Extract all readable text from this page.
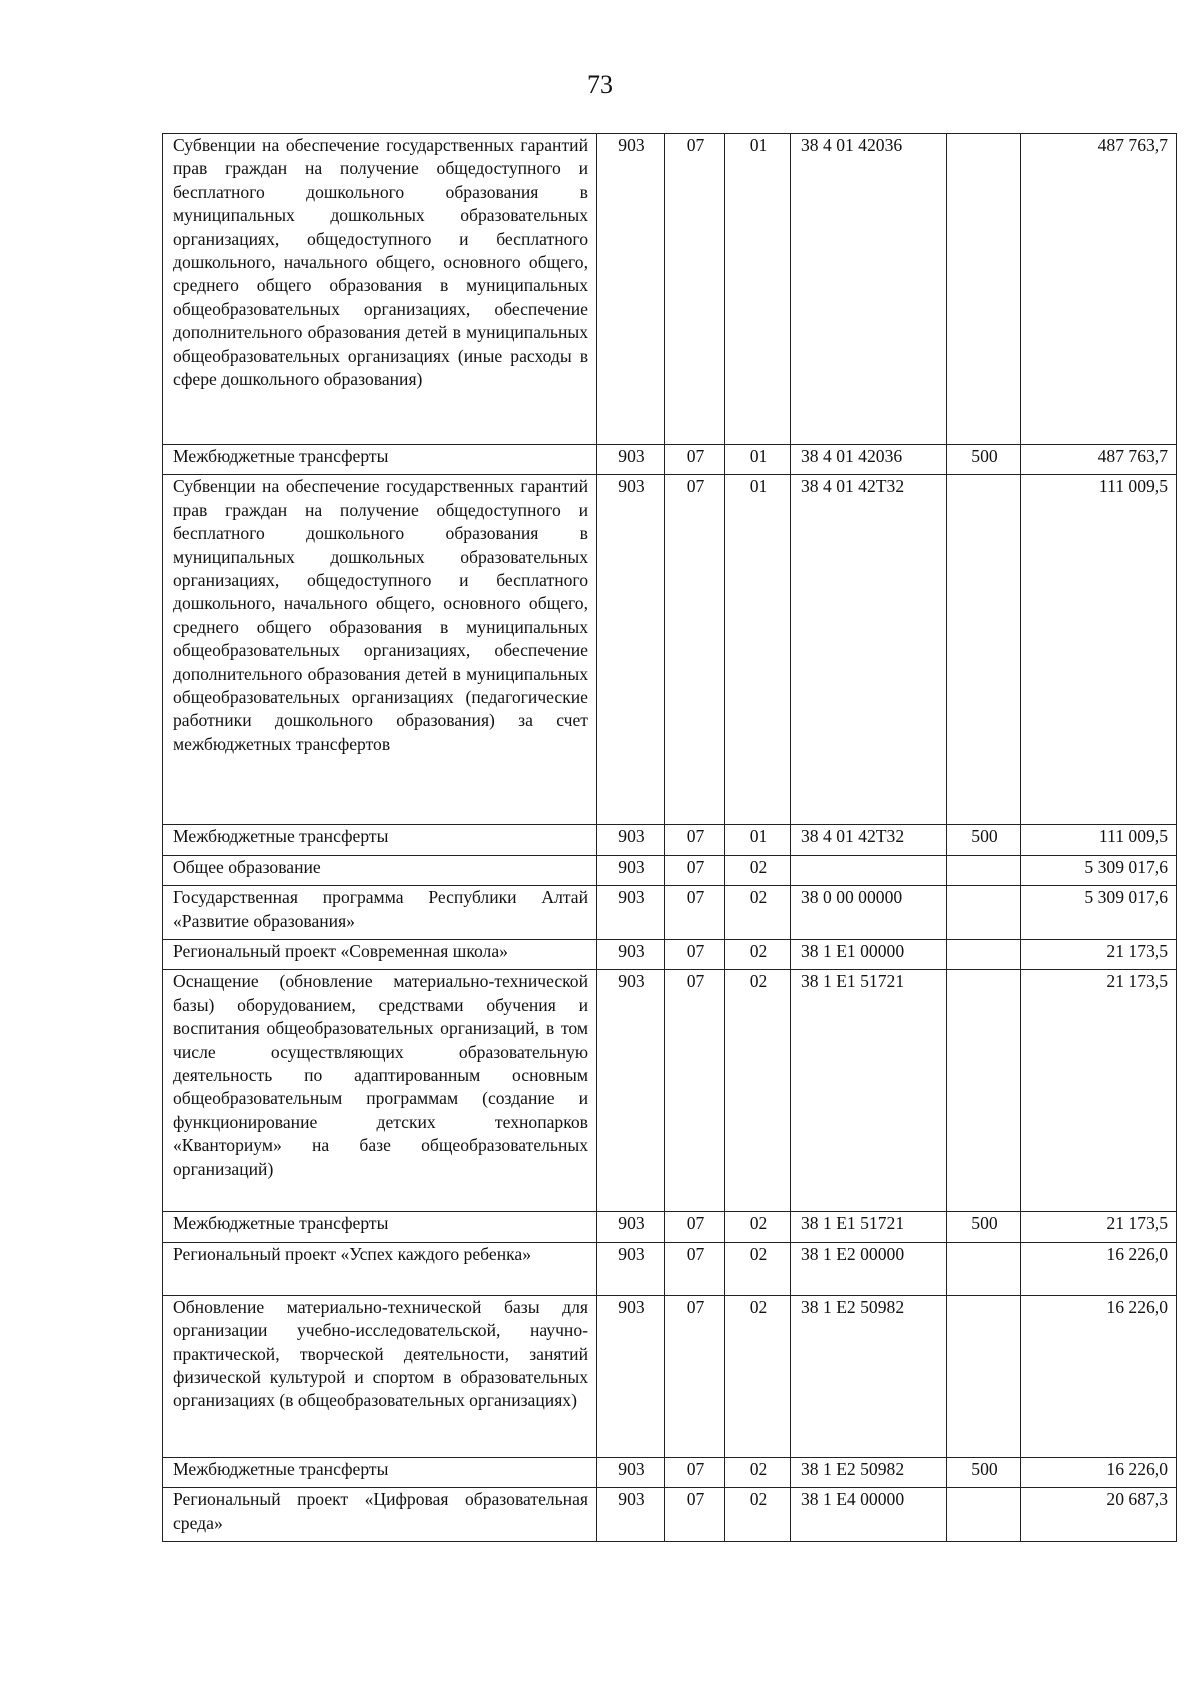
73
Субвенции на обеспечение государственных гарантий прав граждан на получение общедоступного и бесплатного дошкольного образования в муниципальных дошкольных образовательных организациях, общедоступного и бесплатного дошкольного, начального общего, основного общего, среднего общего образования в муниципальных общеобразовательных организациях, обеспечение дополнительного образования детей в муниципальных общеобразовательных организациях (иные расходы в сфере дошкольного образования)	903	07	01	38 4 01 42036		487 763,7
Межбюджетные трансферты	903	07	01	38 4 01 42036	500	487 763,7
Субвенции на обеспечение государственных гарантий прав граждан на получение общедоступного и бесплатного дошкольного образования в муниципальных дошкольных образовательных организациях, общедоступного и бесплатного дошкольного, начального общего, основного общего, среднего общего образования в муниципальных общеобразовательных организациях, обеспечение дополнительного образования детей в муниципальных общеобразовательных организациях (педагогические работники дошкольного образования) за счет межбюджетных трансфертов	903	07	01	38 4 01 42Т32		111 009,5
Межбюджетные трансферты	903	07	01	38 4 01 42Т32	500	111 009,5
Общее образование	903	07	02			5 309 017,6
Государственная программа Республики Алтай «Развитие образования»	903	07	02	38 0 00 00000		5 309 017,6
Региональный проект «Современная школа»	903	07	02	38 1 E1 00000		21 173,5
Оснащение (обновление материально-технической базы) оборудованием, средствами обучения и воспитания общеобразовательных организаций, в том числе осуществляющих образовательную деятельность по адаптированным основным общеобразовательным программам (создание и функционирование детских технопарков «Кванториум» на базе общеобразовательных организаций)	903	07	02	38 1 E1 51721		21 173,5
Межбюджетные трансферты	903	07	02	38 1 E1 51721	500	21 173,5
Региональный проект «Успех каждого ребенка»	903	07	02	38 1 E2 00000		16 226,0
Обновление материально-технической базы для организации учебно-исследовательской, научно-практической, творческой деятельности, занятий физической культурой и спортом в образовательных организациях (в общеобразовательных организациях)	903	07	02	38 1 E2 50982		16 226,0
Межбюджетные трансферты	903	07	02	38 1 E2 50982	500	16 226,0
Региональный проект «Цифровая образовательная среда»	903	07	02	38 1 E4 00000		20 687,3
